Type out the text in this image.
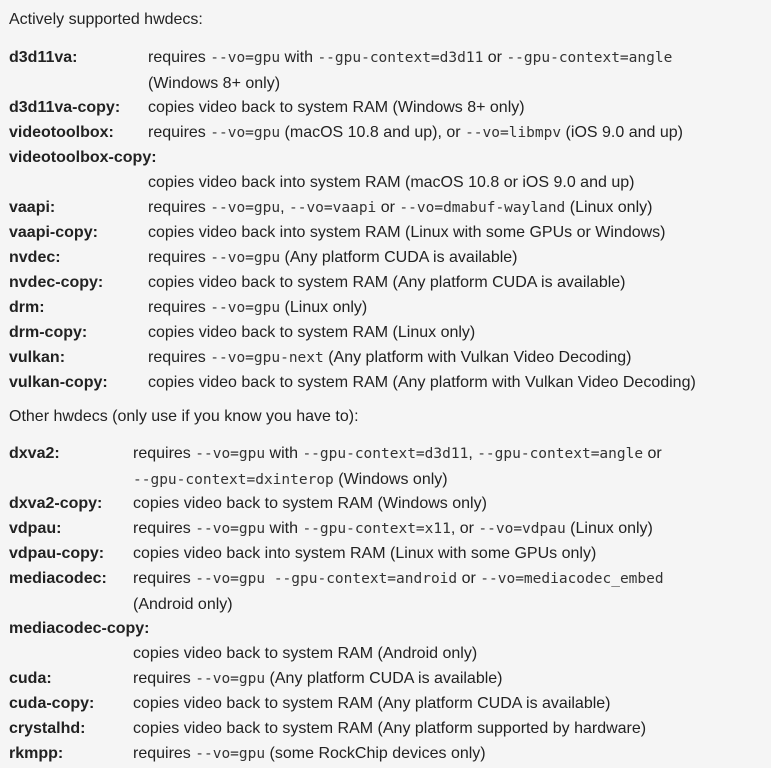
Actively supported hwdecs:
d3d11va:	requires --vo=gpu with --gpu-context=d3d11 or --gpu-context=angle
(Windows 8+ only)
d3d11va-copy: copies video back to system RAM (Windows 8+ only)
videotoolbox: requires --vo=gpu (macOS 10.8 and up), or --vo=libmpv (iOS 9.0 and up)
videotoolbox-copy:
copies video back into system RAM (macOS 10.8 or iOS 9.0 and up)
vaapi:	requires --vo=gpu, --vo=vaapi or --vo=dmabuf-wayland (Linux only)
vaapi-copy:	copies video back into system RAM (Linux with some GPUs or Windows)
nvdec:	requires --vo=gpu (Any platform CUDA is available)
nvdec-copy:	copies video back to system RAM (Any platform CUDA is available)
drm:	requires --vo=gpu (Linux only)
drm-copy:	copies video back to system RAM (Linux only)
vulkan:	requires --vo=gpu-next (Any platform with Vulkan Video Decoding)
vulkan-copy:	copies video back to system RAM (Any platform with Vulkan Video Decoding)
Other hwdecs (only use if you know you have to):
dxva2:	requires --vo=gpu with --gpu-context=d3d11, --gpu-context=angle or
--gpu-context=dxinterop (Windows only)
dxva2-copy: copies video back to system RAM (Windows only)
vdpau:	requires --vo=gpu with --gpu-context=x11, or --vo=vdpau (Linux only)
vdpau-copy: copies video back into system RAM (Linux with some GPUs only)
mediacodec: requires --vo=gpu --gpu-context=android or --vo=mediacodec_embed
(Android only)
mediacodec-copy:
copies video back to system RAM (Android only)
cuda:	requires --vo=gpu (Any platform CUDA is available)
cuda-copy: copies video back to system RAM (Any platform CUDA is available)
crystalhd:	copies video back to system RAM (Any platform supported by hardware)
rkmpp:	requires --vo=gpu (some RockChip devices only)
